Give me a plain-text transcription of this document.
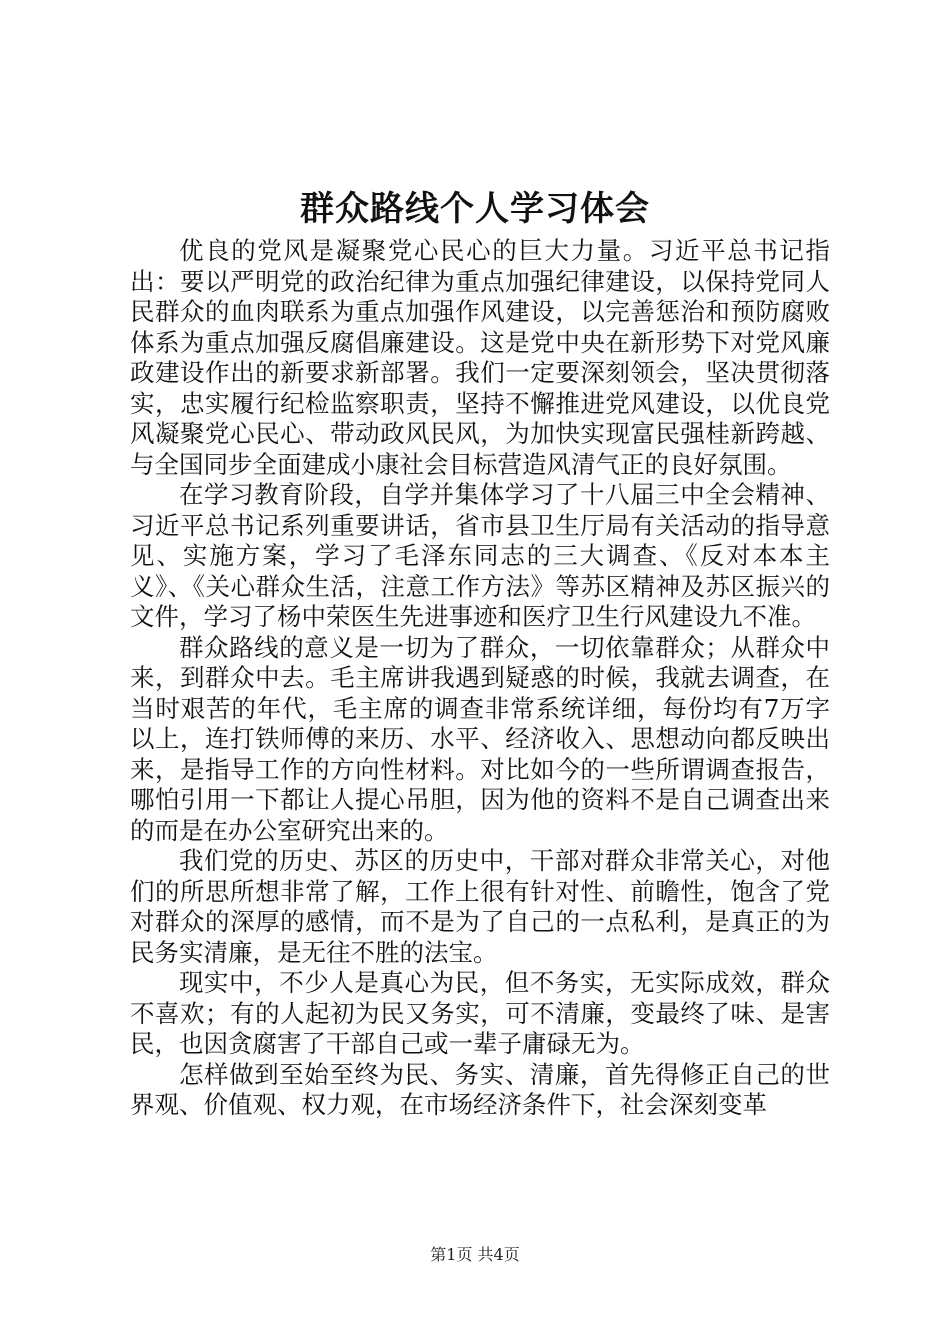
群众路线个人学习体会

优良的党风是凝聚党心民心的巨大力量。习近平总书记指出：要以严明党的政治纪律为重点加强纪律建设，以保持党同人民群众的血肉联系为重点加强作风建设，以完善惩治和预防腐败体系为重点加强反腐倡廉建设。这是党中央在新形势下对党风廉政建设作出的新要求新部署。我们一定要深刻领会，坚决贯彻落实，忠实履行纪检监察职责，坚持不懈推进党风建设，以优良党风凝聚党心民心、带动政风民风，为加快实现富民强桂新跨越、与全国同步全面建成小康社会目标营造风清气正的良好氛围。

在学习教育阶段，自学并集体学习了十八届三中全会精神、习近平总书记系列重要讲话，省市县卫生厅局有关活动的指导意见、实施方案，学习了毛泽东同志的三大调查、《反对本本主义》、《关心群众生活，注意工作方法》等苏区精神及苏区振兴的文件，学习了杨中荣医生先进事迹和医疗卫生行风建设九不准。

群众路线的意义是一切为了群众，一切依靠群众；从群众中来，到群众中去。毛主席讲我遇到疑惑的时候，我就去调查，在当时艰苦的年代，毛主席的调查非常系统详细，每份均有7万字以上，连打铁师傅的来历、水平、经济收入、思想动向都反映出来，是指导工作的方向性材料。对比如今的一些所谓调查报告，哪怕引用一下都让人提心吊胆，因为他的资料不是自己调查出来的而是在办公室研究出来的。

我们党的历史、苏区的历史中，干部对群众非常关心，对他们的所思所想非常了解，工作上很有针对性、前瞻性，饱含了党对群众的深厚的感情，而不是为了自己的一点私利，是真正的为民务实清廉，是无往不胜的法宝。

现实中，不少人是真心为民，但不务实，无实际成效，群众不喜欢；有的人起初为民又务实，可不清廉，变最终了味、是害民，也因贪腐害了干部自己或一辈子庸碌无为。

怎样做到至始至终为民、务实、清廉，首先得修正自己的世界观、价值观、权力观，在市场经济条件下，社会深刻变革

第1页 共4页
